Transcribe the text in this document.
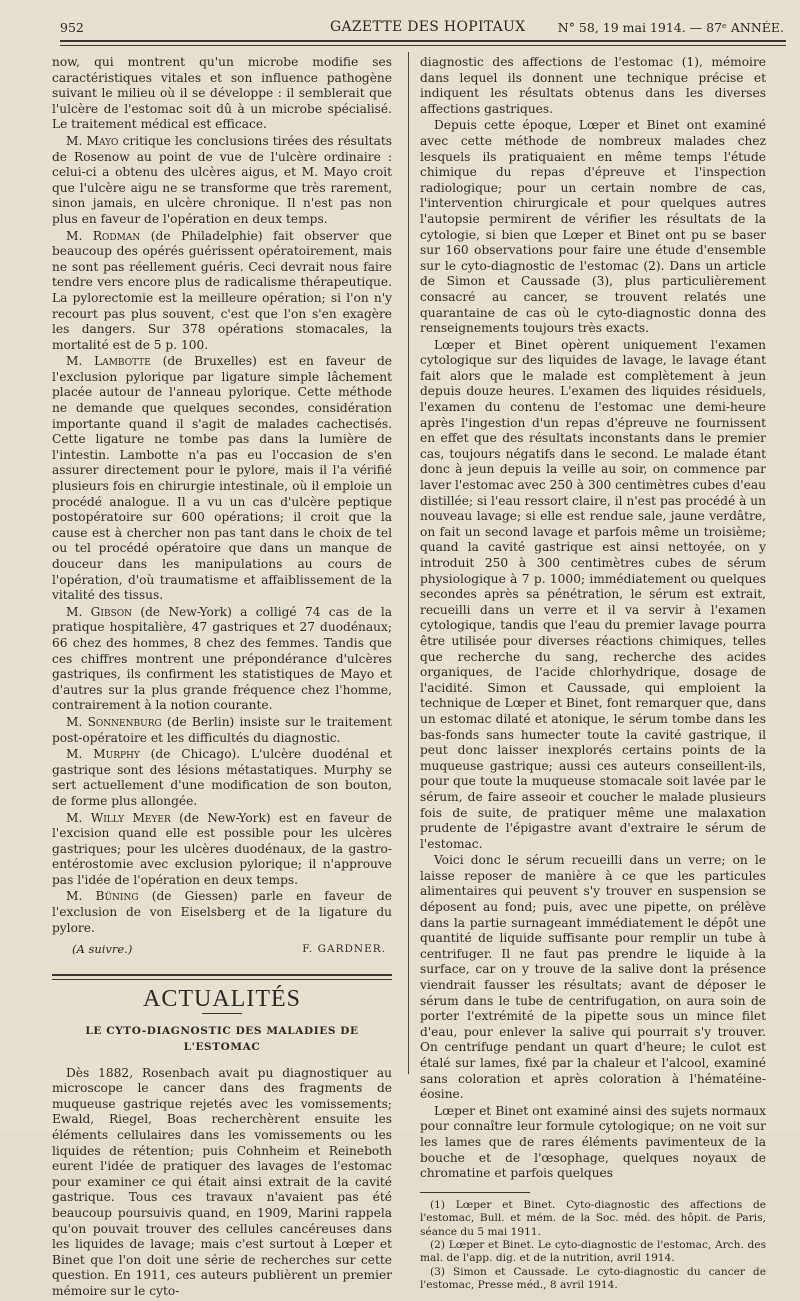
952	GAZETTE DES HOPITAUX	N° 58, 19 mai 1914. — 87ᵉ ANNÉE.

now, qui montrent qu'un microbe modifie ses caractéristiques vitales et son influence pathogène suivant le milieu où il se développe : il semblerait que l'ulcère de l'estomac soit dû à un microbe spécialisé. Le traitement médical est efficace.

M. Mayo critique les conclusions tirées des résultats de Rosenow au point de vue de l'ulcère ordinaire : celui-ci a obtenu des ulcères aigus, et M. Mayo croit que l'ulcère aigu ne se transforme que très rarement, sinon jamais, en ulcère chronique. Il n'est pas non plus en faveur de l'opération en deux temps.

M. Rodman (de Philadelphie) fait observer que beaucoup des opérés guérissent opératoirement, mais ne sont pas réellement guéris. Ceci devrait nous faire tendre vers encore plus de radicalisme thérapeutique. La pylorectomie est la meilleure opération; si l'on n'y recourt pas plus souvent, c'est que l'on s'en exagère les dangers. Sur 378 opérations stomacales, la mortalité est de 5 p. 100.

M. Lambotte (de Bruxelles) est en faveur de l'exclusion pylorique par ligature simple lâchement placée autour de l'anneau pylorique. Cette méthode ne demande que quelques secondes, considération importante quand il s'agit de malades cachectisés. Cette ligature ne tombe pas dans la lumière de l'intestin. Lambotte n'a pas eu l'occasion de s'en assurer directement pour le pylore, mais il l'a vérifié plusieurs fois en chirurgie intestinale, où il emploie un procédé analogue. Il a vu un cas d'ulcère peptique postopératoire sur 600 opérations; il croit que la cause est à chercher non pas tant dans le choix de tel ou tel procédé opératoire que dans un manque de douceur dans les manipulations au cours de l'opération, d'où traumatisme et affaiblissement de la vitalité des tissus.

M. Gibson (de New-York) a colligé 74 cas de la pratique hospitalière, 47 gastriques et 27 duodénaux; 66 chez des hommes, 8 chez des femmes. Tandis que ces chiffres montrent une prépondérance d'ulcères gastriques, ils confirment les statistiques de Mayo et d'autres sur la plus grande fréquence chez l'homme, contrairement à la notion courante.

M. Sonnenburg (de Berlin) insiste sur le traitement post-opératoire et les difficultés du diagnostic.

M. Murphy (de Chicago). L'ulcère duodénal et gastrique sont des lésions métastatiques. Murphy se sert actuellement d'une modification de son bouton, de forme plus allongée.

M. Willy Meyer (de New-York) est en faveur de l'excision quand elle est possible pour les ulcères gastriques; pour les ulcères duodénaux, de la gastro-entérostomie avec exclusion pylorique; il n'approuve pas l'idée de l'opération en deux temps.

M. Büning (de Giessen) parle en faveur de l'exclusion de von Eiselsberg et de la ligature du pylore.

(A suivre.)	F. GARDNER.
ACTUALITÉS
LE CYTO-DIAGNOSTIC DES MALADIES DE L'ESTOMAC

Dès 1882, Rosenbach avait pu diagnostiquer au microscope le cancer dans des fragments de muqueuse gastrique rejetés avec les vomissements; Ewald, Riegel, Boas recherchèrent ensuite les éléments cellulaires dans les vomissements ou les liquides de rétention; puis Cohnheim et Reineboth eurent l'idée de pratiquer des lavages de l'estomac pour examiner ce qui était ainsi extrait de la cavité gastrique. Tous ces travaux n'avaient pas été beaucoup poursuivis quand, en 1909, Marini rappela qu'on pouvait trouver des cellules cancéreuses dans les liquides de lavage; mais c'est surtout à Lœper et Binet que l'on doit une série de recherches sur cette question. En 1911, ces auteurs publièrent un premier mémoire sur le cyto-

diagnostic des affections de l'estomac (1), mémoire dans lequel ils donnent une technique précise et indiquent les résultats obtenus dans les diverses affections gastriques.

Depuis cette époque, Lœper et Binet ont examiné avec cette méthode de nombreux malades chez lesquels ils pratiquaient en même temps l'étude chimique du repas d'épreuve et l'inspection radiologique; pour un certain nombre de cas, l'intervention chirurgicale et pour quelques autres l'autopsie permirent de vérifier les résultats de la cytologie, si bien que Lœper et Binet ont pu se baser sur 160 observations pour faire une étude d'ensemble sur le cyto-diagnostic de l'estomac (2). Dans un article de Simon et Caussade (3), plus particulièrement consacré au cancer, se trouvent relatés une quarantaine de cas où le cyto-diagnostic donna des renseignements toujours très exacts.

Lœper et Binet opèrent uniquement l'examen cytologique sur des liquides de lavage, le lavage étant fait alors que le malade est complètement à jeun depuis douze heures. L'examen des liquides résiduels, l'examen du contenu de l'estomac une demi-heure après l'ingestion d'un repas d'épreuve ne fournissent en effet que des résultats inconstants dans le premier cas, toujours négatifs dans le second. Le malade étant donc à jeun depuis la veille au soir, on commence par laver l'estomac avec 250 à 300 centimètres cubes d'eau distillée; si l'eau ressort claire, il n'est pas procédé à un nouveau lavage; si elle est rendue sale, jaune verdâtre, on fait un second lavage et parfois même un troisième; quand la cavité gastrique est ainsi nettoyée, on y introduit 250 à 300 centimètres cubes de sérum physiologique à 7 p. 1000; immédiatement ou quelques secondes après sa pénétration, le sérum est extrait, recueilli dans un verre et il va servir à l'examen cytologique, tandis que l'eau du premier lavage pourra être utilisée pour diverses réactions chimiques, telles que recherche du sang, recherche des acides organiques, de l'acide chlorhydrique, dosage de l'acidité. Simon et Caussade, qui emploient la technique de Lœper et Binet, font remarquer que, dans un estomac dilaté et atonique, le sérum tombe dans les bas-fonds sans humecter toute la cavité gastrique, il peut donc laisser inexplorés certains points de la muqueuse gastrique; aussi ces auteurs conseillent-ils, pour que toute la muqueuse stomacale soit lavée par le sérum, de faire asseoir et coucher le malade plusieurs fois de suite, de pratiquer même une malaxation prudente de l'épigastre avant d'extraire le sérum de l'estomac.

Voici donc le sérum recueilli dans un verre; on le laisse reposer de manière à ce que les particules alimentaires qui peuvent s'y trouver en suspension se déposent au fond; puis, avec une pipette, on prélève dans la partie surnageant immédiatement le dépôt une quantité de liquide suffisante pour remplir un tube à centrifuger. Il ne faut pas prendre le liquide à la surface, car on y trouve de la salive dont la présence viendrait fausser les résultats; avant de déposer le sérum dans le tube de centrifugation, on aura soin de porter l'extrémité de la pipette sous un mince filet d'eau, pour enlever la salive qui pourrait s'y trouver. On centrifuge pendant un quart d'heure; le culot est étalé sur lames, fixé par la chaleur et l'alcool, examiné sans coloration et après coloration à l'hématéine-éosine.

Lœper et Binet ont examiné ainsi des sujets normaux pour connaître leur formule cytologique; on ne voit sur les lames que de rares éléments pavimenteux de la bouche et de l'œsophage, quelques noyaux de chromatine et parfois quelques

(1) Lœper et Binet. Cyto-diagnostic des affections de l'estomac, Bull. et mém. de la Soc. méd. des hôpit. de Paris, séance du 5 mai 1911.

(2) Lœper et Binet. Le cyto-diagnostic de l'estomac, Arch. des mal. de l'app. dig. et de la nutrition, avril 1914.

(3) Simon et Caussade. Le cyto-diagnostic du cancer de l'estomac, Presse méd., 8 avril 1914.
